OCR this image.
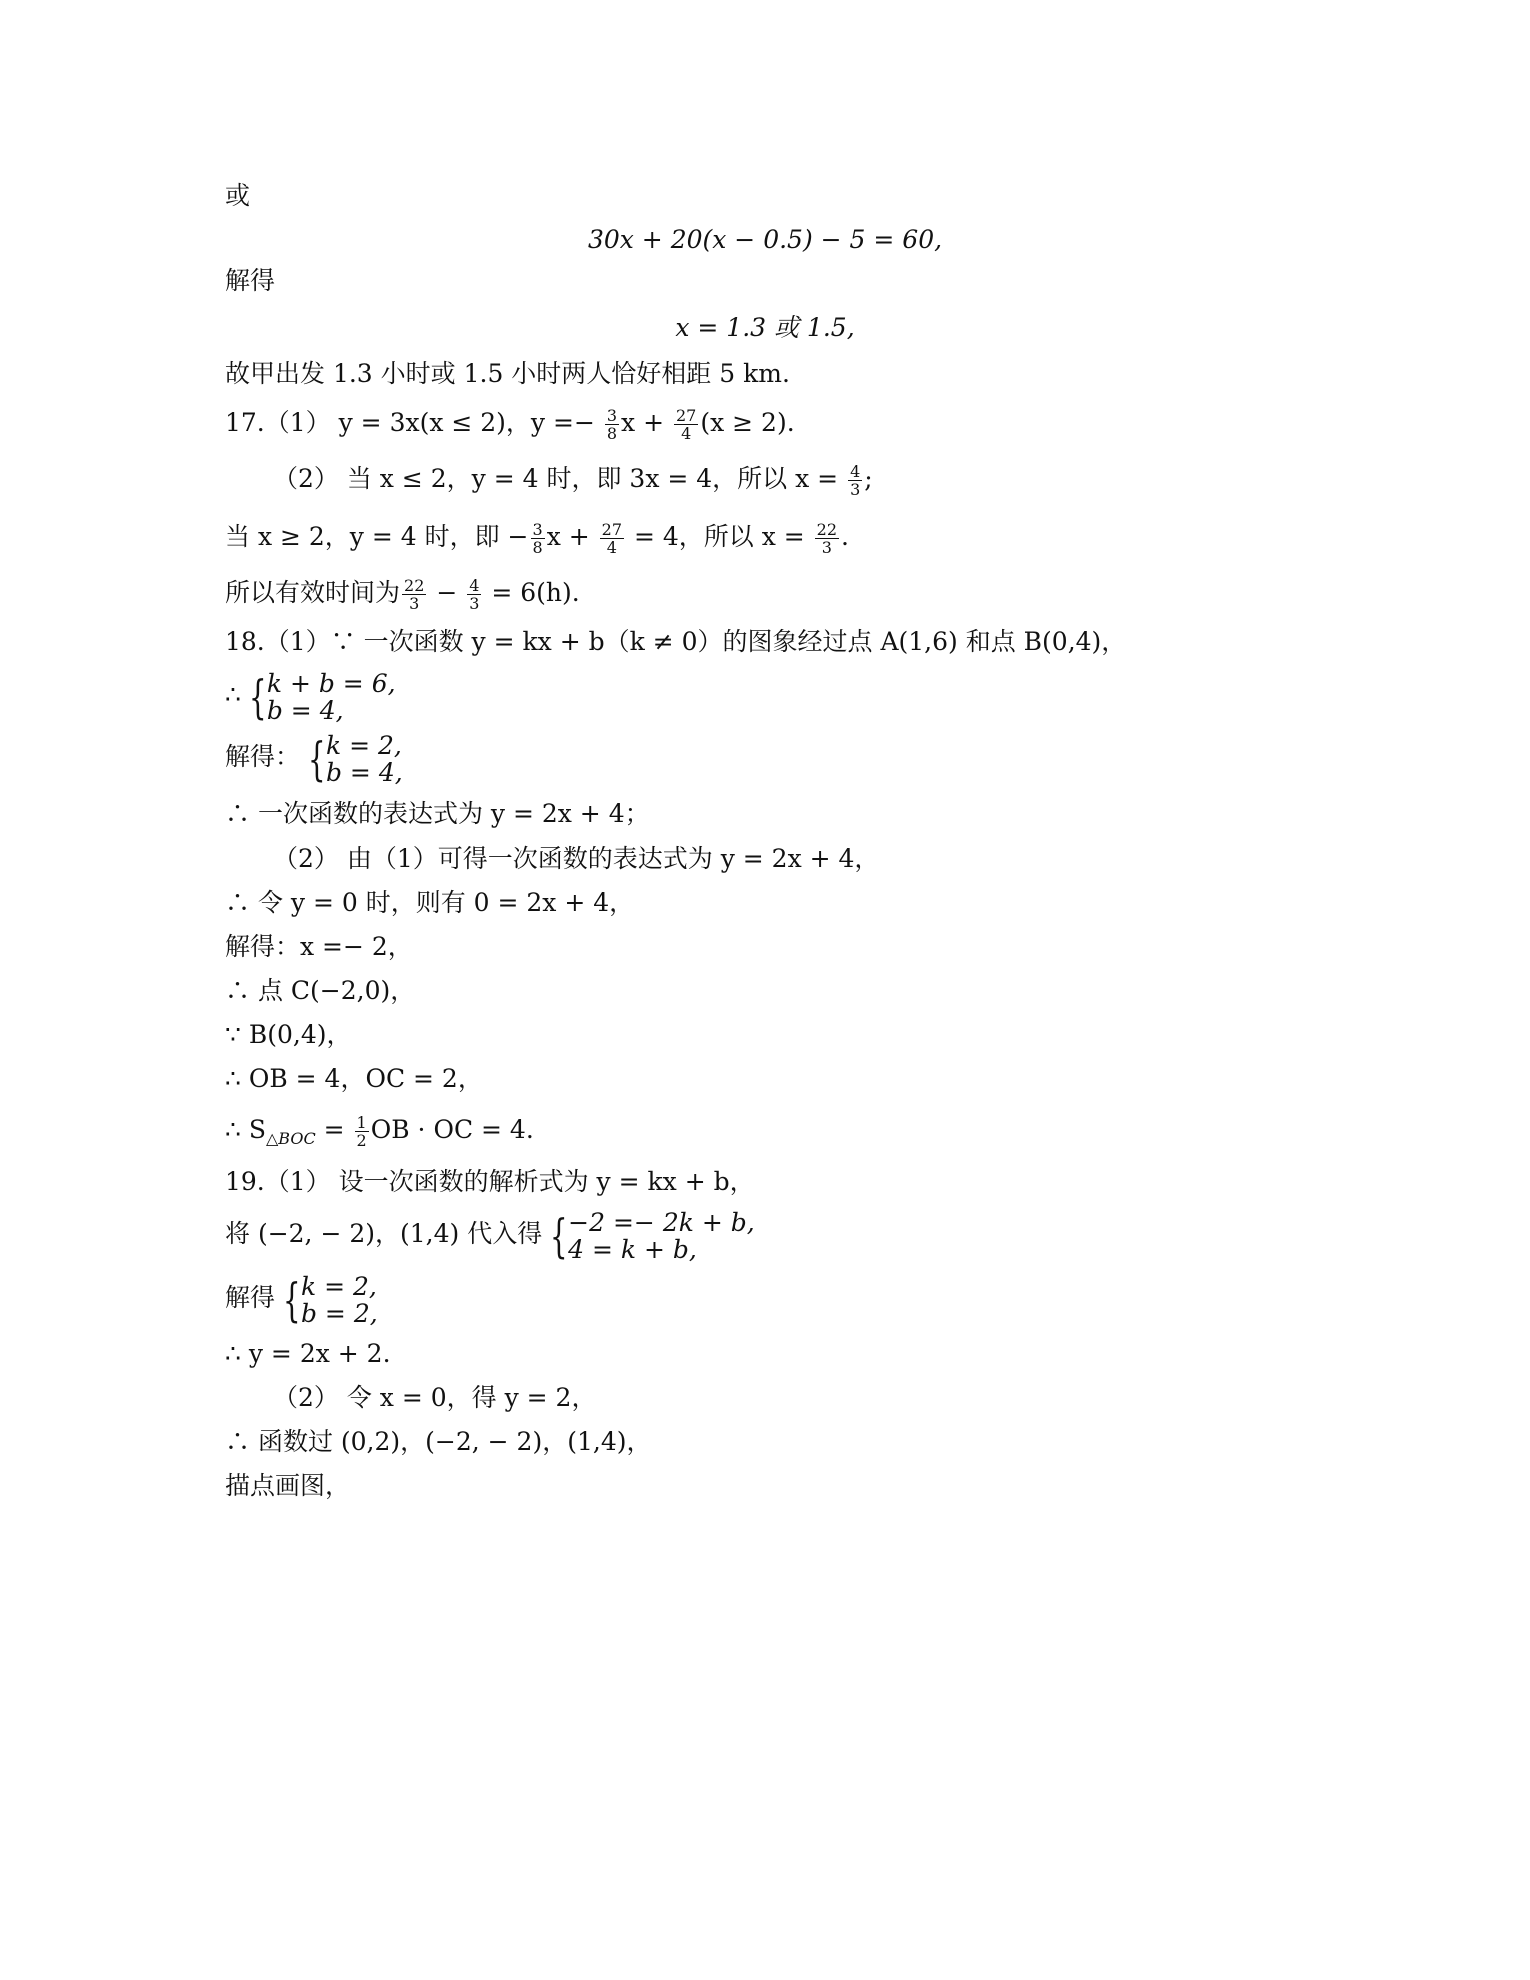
或
30x + 20(x − 0.5) − 5 = 60,
解得
x = 1.3 或 1.5,
故甲出发 1.3 小时或 1.5 小时两人恰好相距 5 km.
17.（1） y = 3x(x ≤ 2)，$y =- \frac{3}{8}$ $x + \frac{27}{4} (x \ge 2)$.
（2） 当 x ≤ 2，y = 4 时，即 3x = 4，所以 $x = \frac{4}{3}$ ;
当 x ≥ 2，y = 4 时，即 − $\frac{3}{8}$ $x + \frac{27}{4} = 4$，所以 $x = \frac{22}{3}$ .
所以有效时间为 $\frac{22}{3} - \frac{4}{3} = 6(h)$.
18.（1）∵ 一次函数 y = kx + b（k ≠ 0）的图象经过点 A(1,6) 和点 B(0,4)，
∴ { k + b = 6,
b = 4,
解得： { k = 2,
b = 4,
∴ 一次函数的表达式为 y = 2x + 4；
（2） 由（1）可得一次函数的表达式为 y = 2x + 4，
∴ 令 y = 0 时，则有 0 = 2x + 4，
解得：x =− 2，
∴ 点 C(−2,0)，
∵ B(0,4)，
∴ OB = 4，OC = 2，
∴ $S_{\triangle BOC} = \frac{1}{2}$ OB · OC = 4.
19.（1） 设一次函数的解析式为 y = kx + b，
将 (−2, − 2)，(1,4) 代入得 { −2 =− 2k + b,
4 = k + b,
解得 { k = 2,
b = 2,
∴ y = 2x + 2.
（2） 令 x = 0，得 y = 2，
∴ 函数过 (0,2)，(−2, − 2)，(1,4)，
描点画图，
